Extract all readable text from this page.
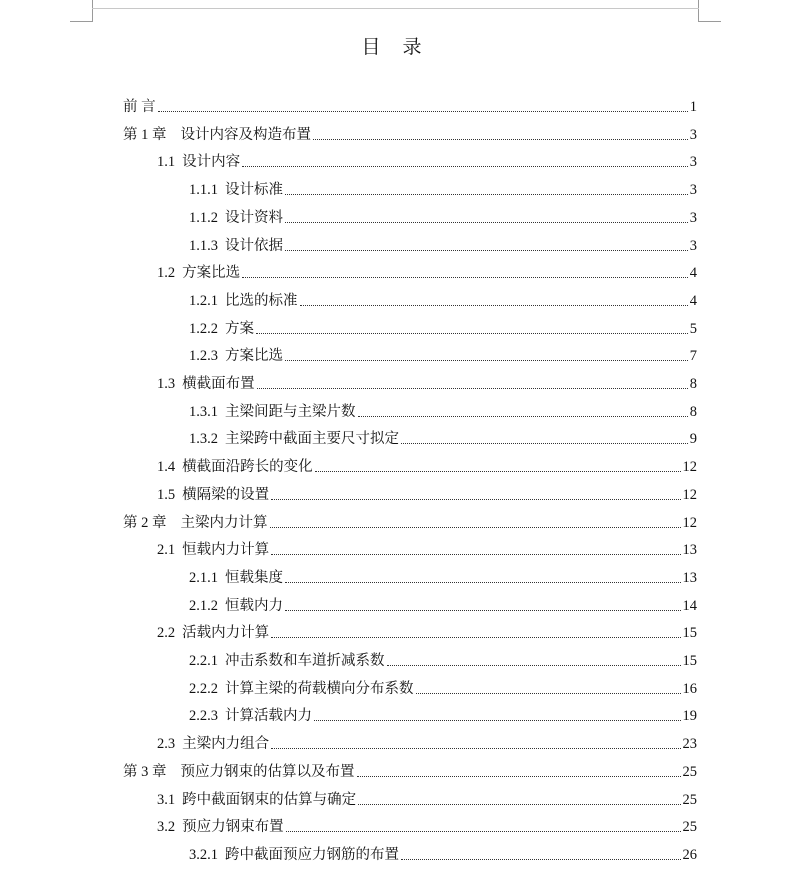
目 录
前 言	1
第 1 章 设计内容及构造布置	3
1.1 设计内容	3
1.1.1 设计标准	3
1.1.2 设计资料	3
1.1.3 设计依据	3
1.2 方案比选	4
1.2.1 比选的标准	4
1.2.2 方案	5
1.2.3 方案比选	7
1.3 横截面布置	8
1.3.1 主梁间距与主梁片数	8
1.3.2 主梁跨中截面主要尺寸拟定	9
1.4 横截面沿跨长的变化	12
1.5 横隔梁的设置	12
第 2 章 主梁内力计算	12
2.1 恒载内力计算	13
2.1.1 恒载集度	13
2.1.2 恒载内力	14
2.2 活载内力计算	15
2.2.1 冲击系数和车道折减系数	15
2.2.2 计算主梁的荷载横向分布系数	16
2.2.3 计算活载内力	19
2.3 主梁内力组合	23
第 3 章 预应力钢束的估算以及布置	25
3.1 跨中截面钢束的估算与确定	25
3.2 预应力钢束布置	25
3.2.1 跨中截面预应力钢筋的布置	26
